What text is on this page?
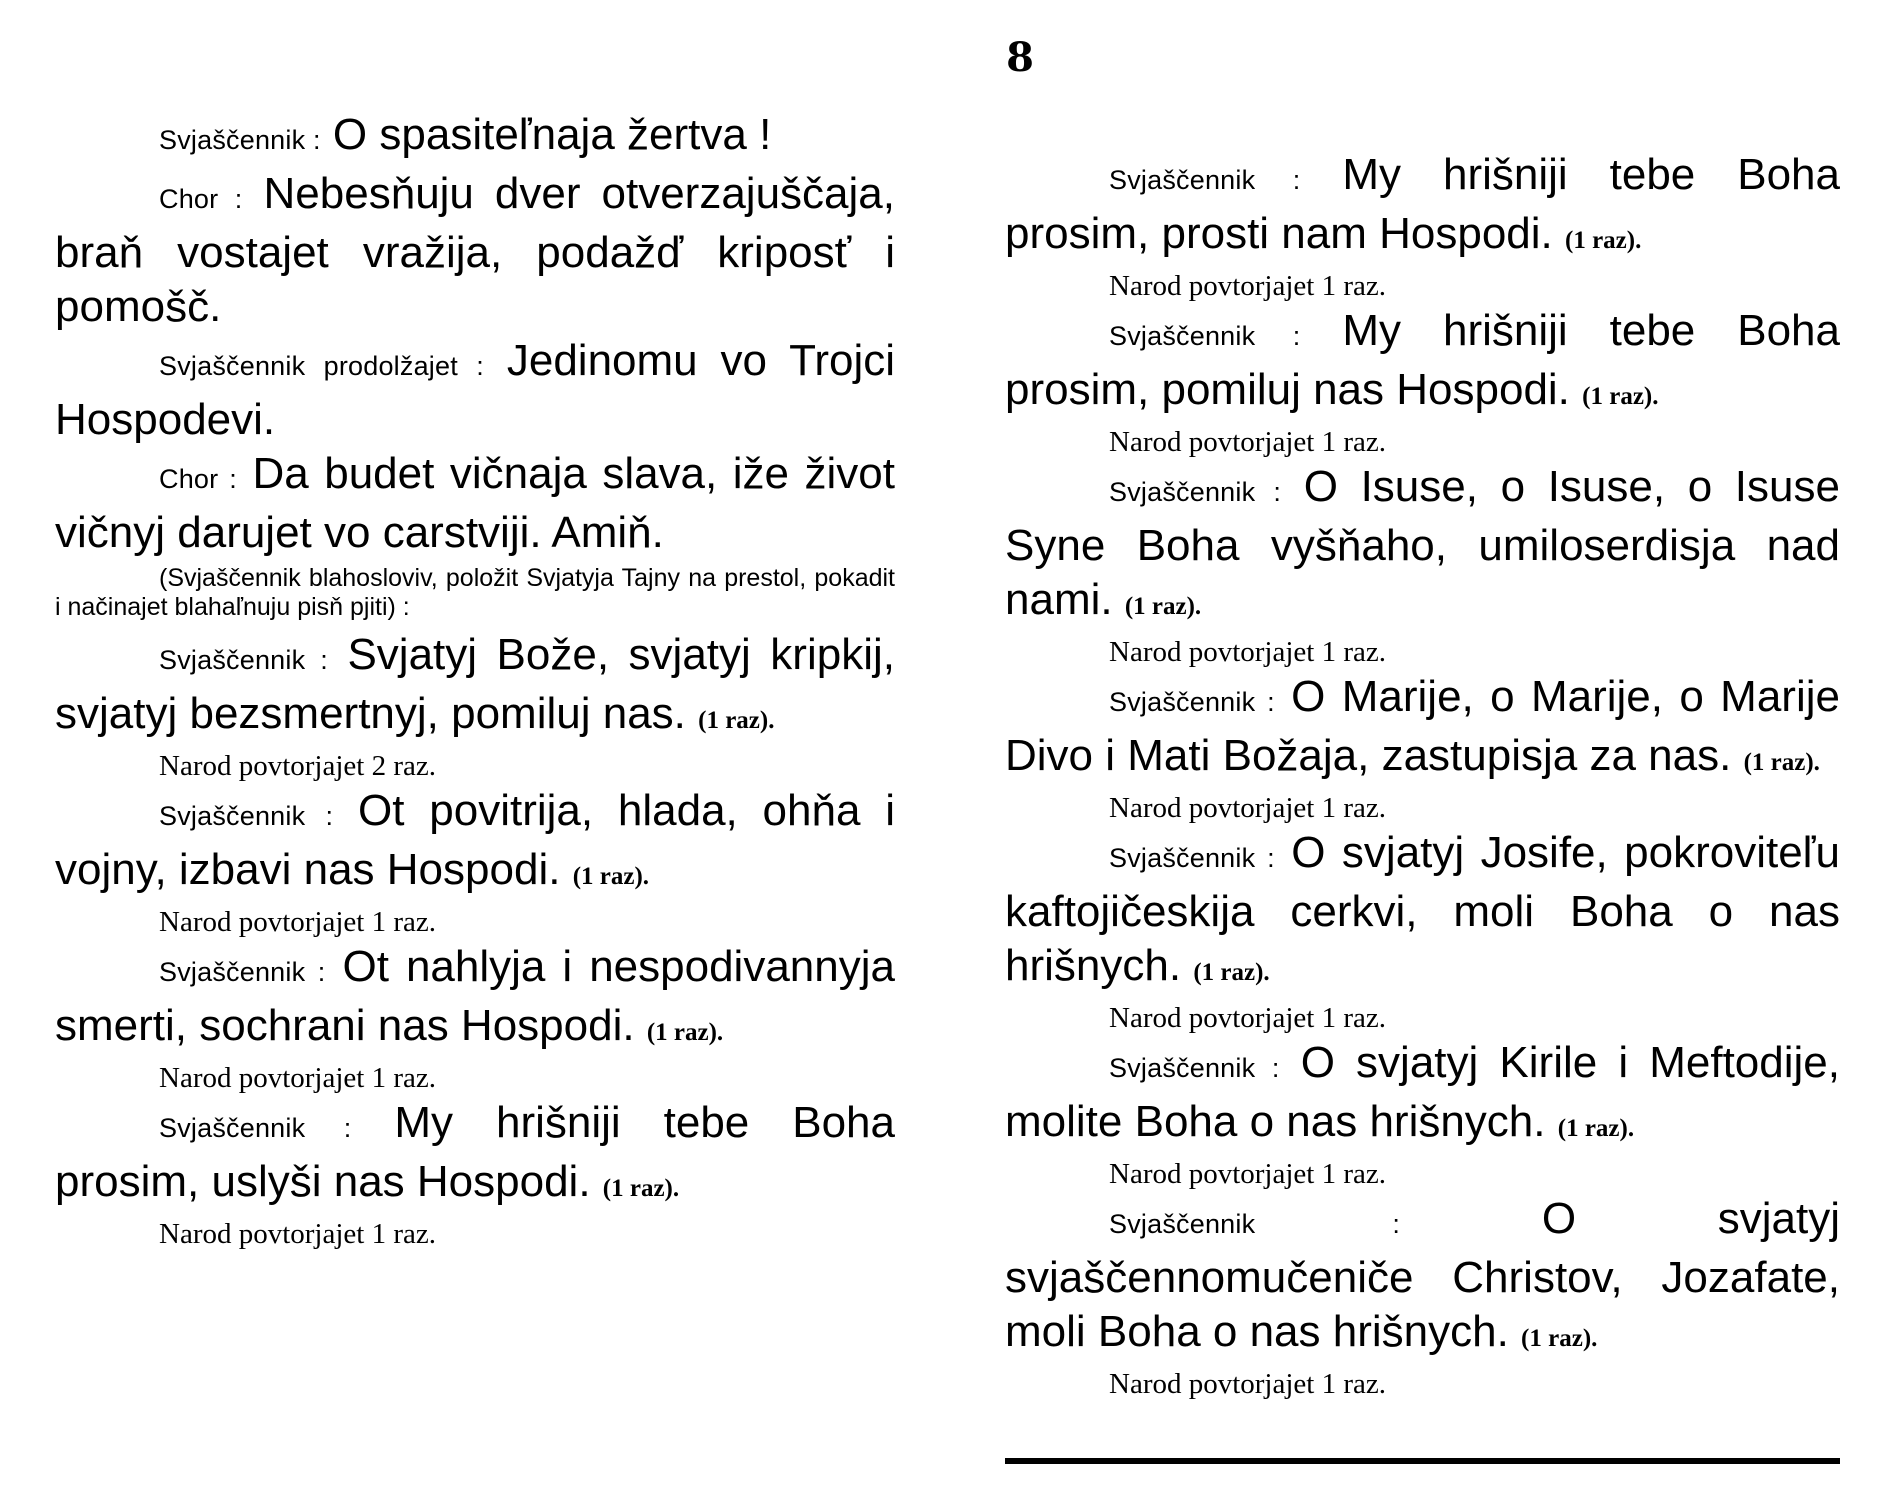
8

Svjaščennik : O spasiteľnaja žertva !

Chor : Nebesňuju dver otverzajuščaja, braň vostajet vražija, podažď kriposť i pomošč.

Svjaščennik prodolžajet : Jedinomu vo Trojci Hospodevi.

Chor : Da budet vičnaja slava, iže život vičnyj darujet vo carstviji. Amiň.

(Svjaščennik blahosloviv, položit Svjatyja Tajny na prestol, pokadit i načinajet blahaľnuju pisň pjiti) :

Svjaščennik : Svjatyj Bože, svjatyj kripkij, svjatyj bezsmertnyj, pomiluj nas. (1 raz).

Narod povtorjajet 2 raz.

Svjaščennik : Ot povitrija, hlada, ohňa i vojny, izbavi nas Hospodi. (1 raz).

Narod povtorjajet 1 raz.

Svjaščennik : Ot nahlyja i nespodivannyja smerti, sochrani nas Hospodi. (1 raz).

Narod povtorjajet 1 raz.

Svjaščennik : My hrišniji tebe Boha prosim, uslyši nas Hospodi. (1 raz).

Narod povtorjajet 1 raz.

Svjaščennik : My hrišniji tebe Boha prosim, prosti nam Hospodi. (1 raz).

Narod povtorjajet 1 raz.

Svjaščennik : My hrišniji tebe Boha prosim, pomiluj nas Hospodi. (1 raz).

Narod povtorjajet 1 raz.

Svjaščennik : O Isuse, o Isuse, o Isuse Syne Boha vyšňaho, umiloserdisja nad nami. (1 raz).

Narod povtorjajet 1 raz.

Svjaščennik : O Marije, o Marije, o Marije Divo i Mati Božaja, zastupisja za nas. (1 raz).

Narod povtorjajet 1 raz.

Svjaščennik : O svjatyj Josife, pokroviteľu kaftojičeskija cerkvi, moli Boha o nas hrišnych. (1 raz).

Narod povtorjajet 1 raz.

Svjaščennik : O svjatyj Kirile i Meftodije, molite Boha o nas hrišnych. (1 raz).

Narod povtorjajet 1 raz.

Svjaščennik :	O svjatyj svjaščennomučeniče Christov, Jozafate, moli Boha o nas hrišnych. (1 raz).

Narod povtorjajet 1 raz.
